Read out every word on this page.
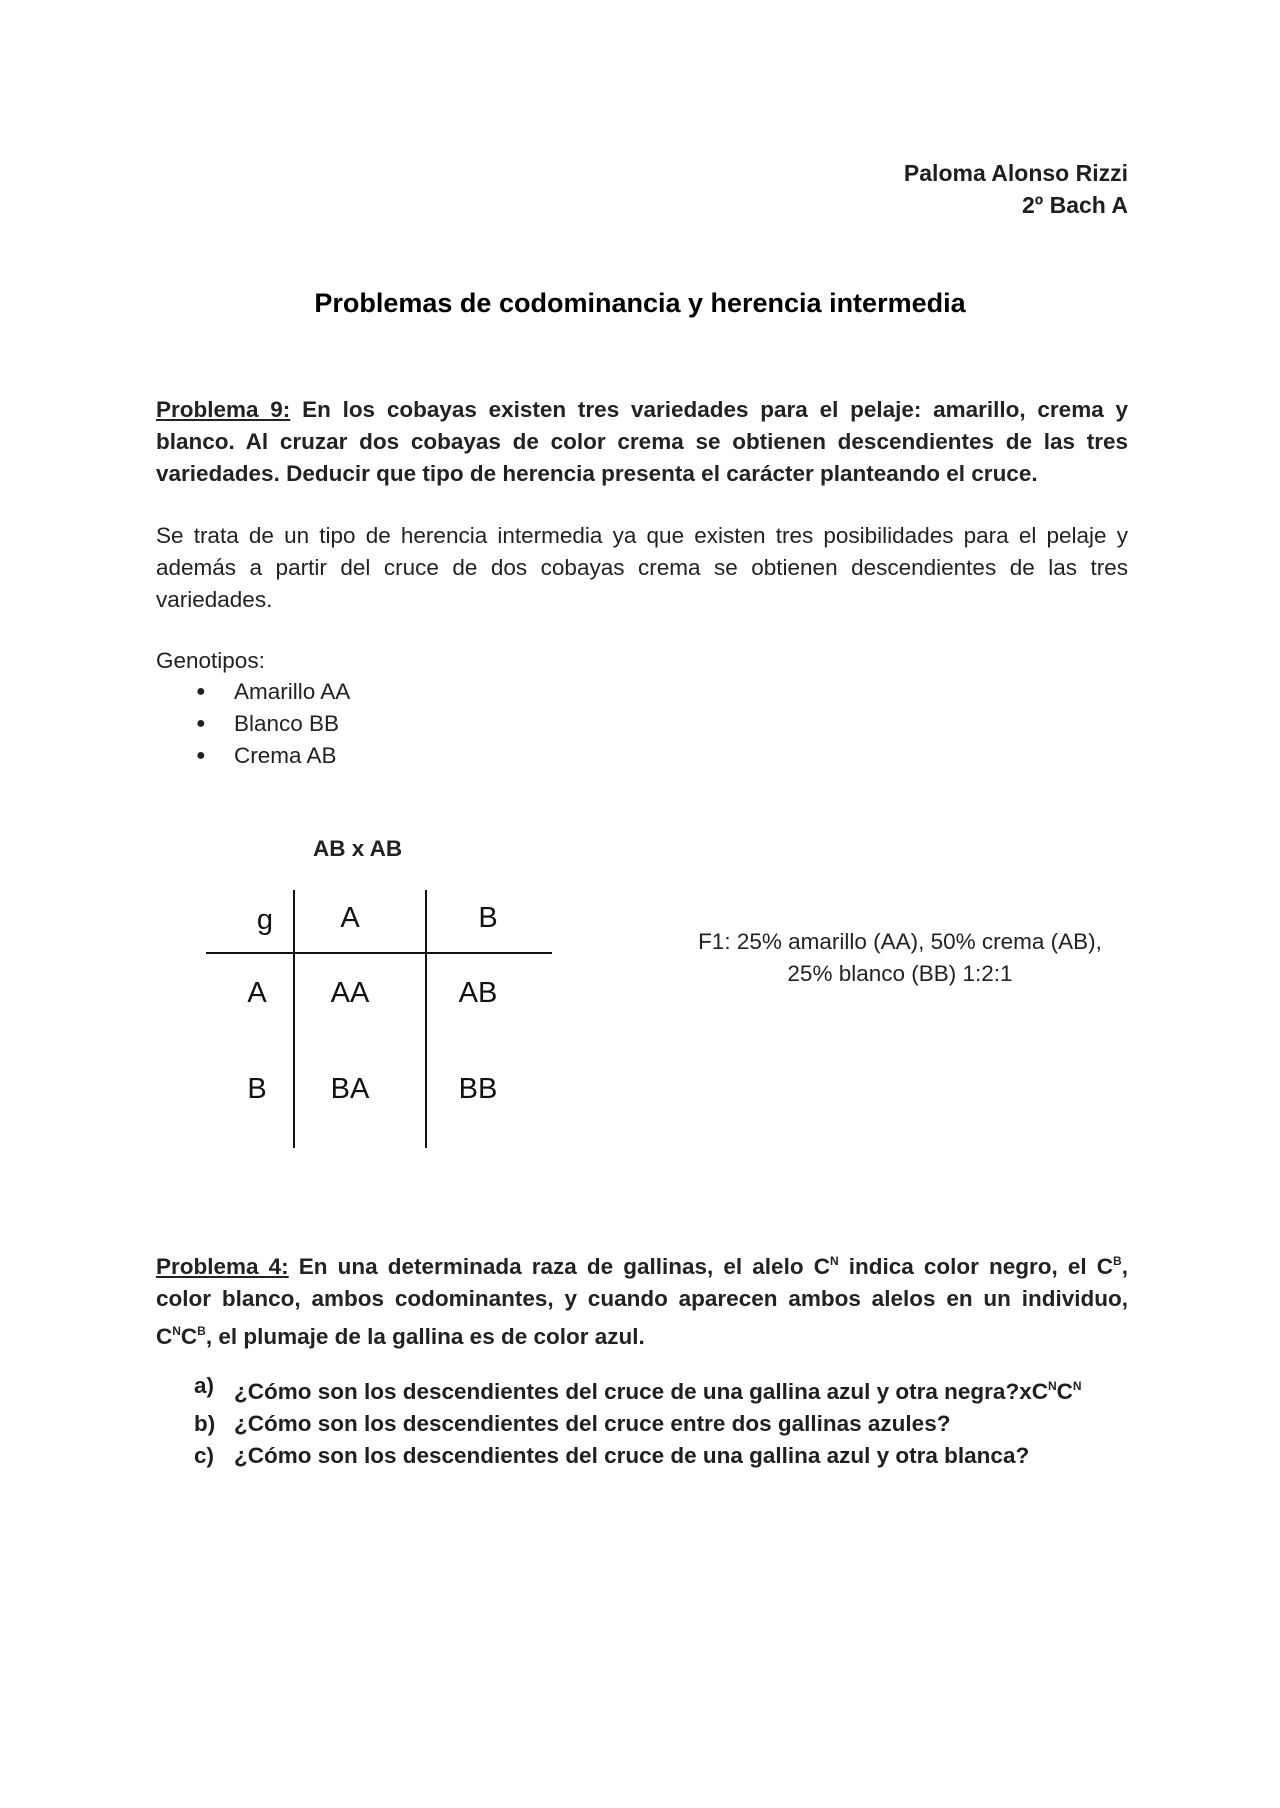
Paloma Alonso Rizzi
2º Bach A
Problemas de codominancia y herencia intermedia
Problema 9: En los cobayas existen tres variedades para el pelaje: amarillo, crema y blanco. Al cruzar dos cobayas de color crema se obtienen descendientes de las tres variedades. Deducir que tipo de herencia presenta el carácter planteando el cruce.
Se trata de un tipo de herencia intermedia ya que existen tres posibilidades para el pelaje y además a partir del cruce de dos cobayas crema se obtienen descendientes de las tres variedades.
Genotipos:
● Amarillo AA
● Blanco BB
● Crema AB
AB x AB
g	A	B
A	AA	AB
B	BA	BB
F1: 25% amarillo (AA), 50% crema (AB),
25% blanco (BB) 1:2:1
Problema 4: En una determinada raza de gallinas, el alelo $C^N$ indica color negro, el $C^B$, color blanco, ambos codominantes, y cuando aparecen ambos alelos en un individuo, $C^NC^B$, el plumaje de la gallina es de color azul.
a) ¿Cómo son los descendientes del cruce de una gallina azul y otra $negra?xC^NC^N$
b) ¿Cómo son los descendientes del cruce entre dos gallinas azules?
c) ¿Cómo son los descendientes del cruce de una gallina azul y otra blanca?
